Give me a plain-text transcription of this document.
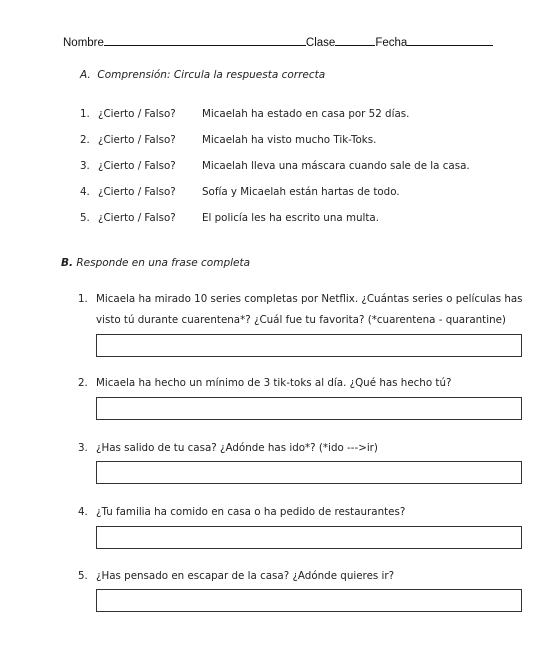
Nombre	Clase	Fecha
A. Comprensión: Circula la respuesta correcta
1. ¿Cierto / Falso?	Micaelah ha estado en casa por 52 días.
2. ¿Cierto / Falso?	Micaelah ha visto mucho Tik-Toks.
3. ¿Cierto / Falso?	Micaelah lleva una máscara cuando sale de la casa.
4. ¿Cierto / Falso?	Sofía y Micaelah están hartas de todo.
5. ¿Cierto / Falso?	El policía les ha escrito una multa.
B. Responde en una frase completa
1. Micaela ha mirado 10 series completas por Netflix. ¿Cuántas series o películas has
visto tú durante cuarentena*? ¿Cuál fue tu favorita? (*cuarentena - quarantine)
2. Micaela ha hecho un mínimo de 3 tik-toks al día. ¿Qué has hecho tú?
3. ¿Has salido de tu casa? ¿Adónde has ido*? (*ido --->ir)
4. ¿Tu familia ha comido en casa o ha pedido de restaurantes?
5. ¿Has pensado en escapar de la casa? ¿Adónde quieres ir?
